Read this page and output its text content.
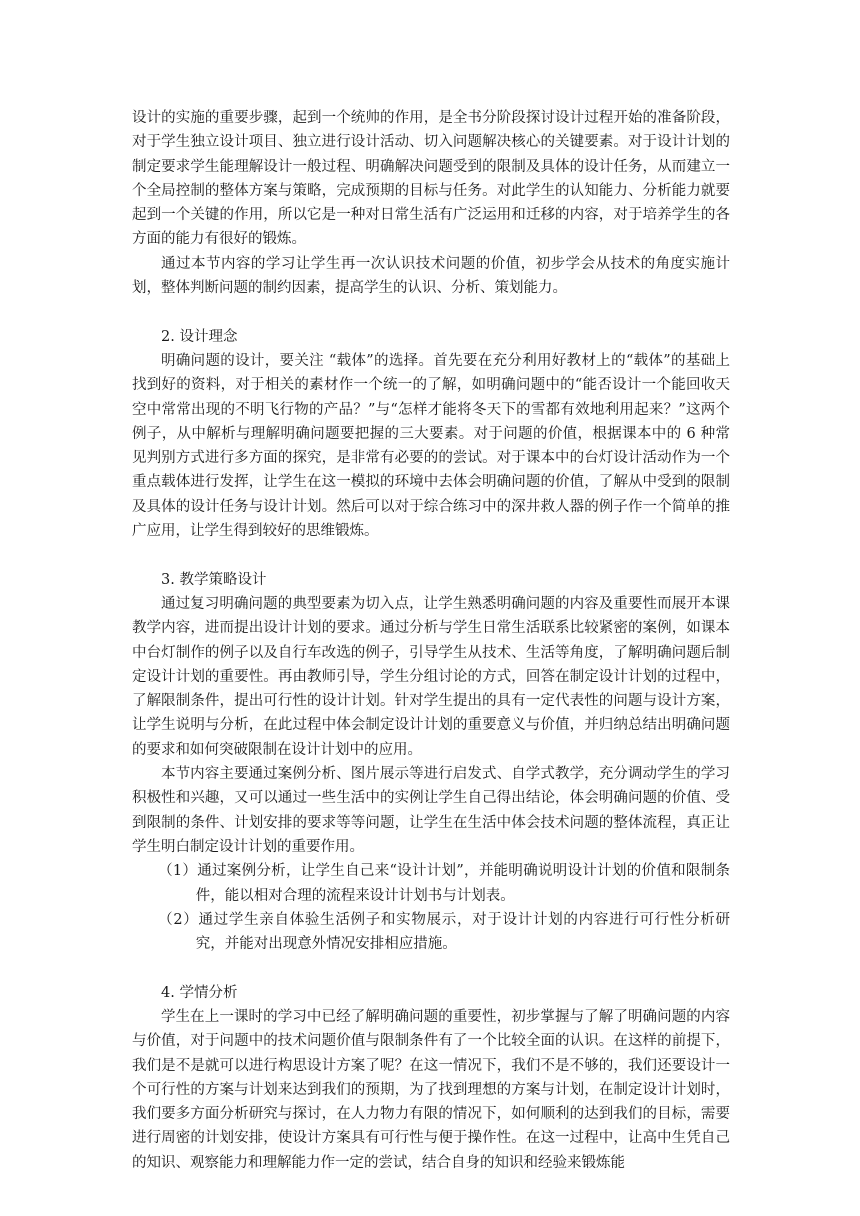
设计的实施的重要步骤，起到一个统帅的作用，是全书分阶段探讨设计过程开始的准备阶段，对于学生独立设计项目、独立进行设计活动、切入问题解决核心的关键要素。对于设计计划的制定要求学生能理解设计一般过程、明确解决问题受到的限制及具体的设计任务，从而建立一个全局控制的整体方案与策略，完成预期的目标与任务。对此学生的认知能力、分析能力就要起到一个关键的作用，所以它是一种对日常生活有广泛运用和迁移的内容，对于培养学生的各方面的能力有很好的锻炼。

通过本节内容的学习让学生再一次认识技术问题的价值，初步学会从技术的角度实施计划，整体判断问题的制约因素，提高学生的认识、分析、策划能力。

2. 设计理念

明确问题的设计，要关注 “载体”的选择。首先要在充分利用好教材上的“载体”的基础上找到好的资料，对于相关的素材作一个统一的了解，如明确问题中的“能否设计一个能回收天空中常常出现的不明飞行物的产品？”与“怎样才能将冬天下的雪都有效地利用起来？”这两个例子，从中解析与理解明确问题要把握的三大要素。对于问题的价值，根据课本中的 6 种常见判别方式进行多方面的探究，是非常有必要的的尝试。对于课本中的台灯设计活动作为一个重点载体进行发挥，让学生在这一模拟的环境中去体会明确问题的价值，了解从中受到的限制及具体的设计任务与设计计划。然后可以对于综合练习中的深井救人器的例子作一个简单的推广应用，让学生得到较好的思维锻炼。

3. 教学策略设计

通过复习明确问题的典型要素为切入点，让学生熟悉明确问题的内容及重要性而展开本课教学内容，进而提出设计计划的要求。通过分析与学生日常生活联系比较紧密的案例，如课本中台灯制作的例子以及自行车改选的例子，引导学生从技术、生活等角度，了解明确问题后制定设计计划的重要性。再由教师引导，学生分组讨论的方式，回答在制定设计计划的过程中，了解限制条件，提出可行性的设计计划。针对学生提出的具有一定代表性的问题与设计方案，让学生说明与分析，在此过程中体会制定设计计划的重要意义与价值，并归纳总结出明确问题的要求和如何突破限制在设计计划中的应用。

本节内容主要通过案例分析、图片展示等进行启发式、自学式教学，充分调动学生的学习积极性和兴趣，又可以通过一些生活中的实例让学生自己得出结论，体会明确问题的价值、受到限制的条件、计划安排的要求等等问题，让学生在生活中体会技术问题的整体流程，真正让学生明白制定设计计划的重要作用。

（1）通过案例分析，让学生自己来“设计计划”，并能明确说明设计计划的价值和限制条件，能以相对合理的流程来设计计划书与计划表。

（2）通过学生亲自体验生活例子和实物展示，对于设计计划的内容进行可行性分析研究，并能对出现意外情况安排相应措施。

4. 学情分析

学生在上一课时的学习中已经了解明确问题的重要性，初步掌握与了解了明确问题的内容与价值，对于问题中的技术问题价值与限制条件有了一个比较全面的认识。在这样的前提下，我们是不是就可以进行构思设计方案了呢？在这一情况下，我们不是不够的，我们还要设计一个可行性的方案与计划来达到我们的预期，为了找到理想的方案与计划，在制定设计计划时，我们要多方面分析研究与探讨，在人力物力有限的情况下，如何顺利的达到我们的目标，需要进行周密的计划安排，使设计方案具有可行性与便于操作性。在这一过程中，让高中生凭自己的知识、观察能力和理解能力作一定的尝试，结合自身的知识和经验来锻炼能
